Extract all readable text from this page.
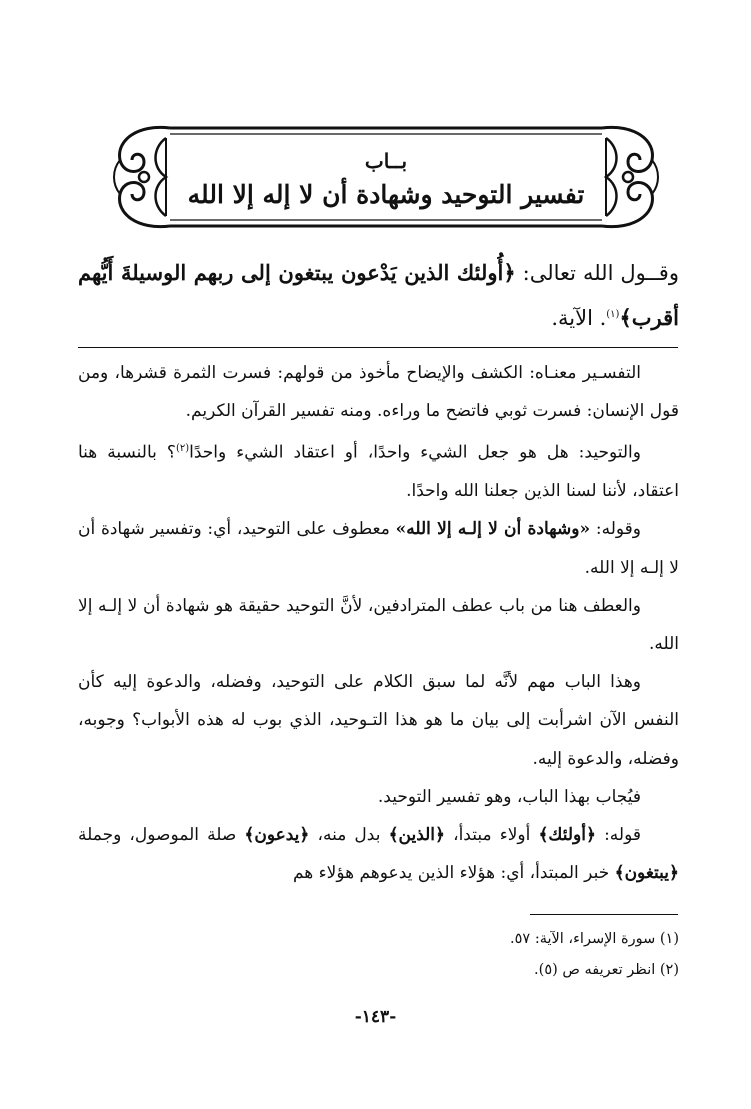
بــاب
تفسير التوحيد وشهادة أن لا إله إلا الله
وقــول الله تعالى: ﴿أُولئك الذين يَدْعون يبتغون إلى ربهم الوسيلةَ أَيُّهم أقرب﴾$^{(١)}$. الآية.

التفسـير معنـاه: الكشف والإيضاح مأخوذ من قولهم: فسرت الثمرة قشرها، ومن قول الإنسان: فسرت ثوبي فاتضح ما وراءه. ومنه تفسير القرآن الكريم.

والتوحيد: هل هو جعل الشيء واحدًا، أو اعتقاد الشيء واحدًا$^{(٢)}$؟ بالنسبة هنا اعتقاد، لأننا لسنا الذين جعلنا الله واحدًا.

وقوله: «وشهادة أن لا إلـه إلا الله» معطوف على التوحيد، أي: وتفسير شهادة أن لا إلـه إلا الله.

والعطف هنا من باب عطف المترادفين، لأنَّ التوحيد حقيقة هو شهادة أن لا إلـه إلا الله.

وهذا الباب مهم لأنَّه لما سبق الكلام على التوحيد، وفضله، والدعوة إليه كأن النفس الآن اشرأبت إلى بيان ما هو هذا التـوحيد، الذي بوب له هذه الأبواب؟ وجوبه، وفضله، والدعوة إليه.

فيُجاب بهذا الباب، وهو تفسير التوحيد.

قوله: ﴿أولئك﴾ أولاء مبتدأ، ﴿الذين﴾ بدل منه، ﴿يدعون﴾ صلة الموصول، وجملة ﴿يبتغون﴾ خبر المبتدأ، أي: هؤلاء الذين يدعوهم هؤلاء هم

(١) سورة الإسراء، الآية: ٥٧.

(٢) انظر تعريفه ص (٥).

-١٤٣-
